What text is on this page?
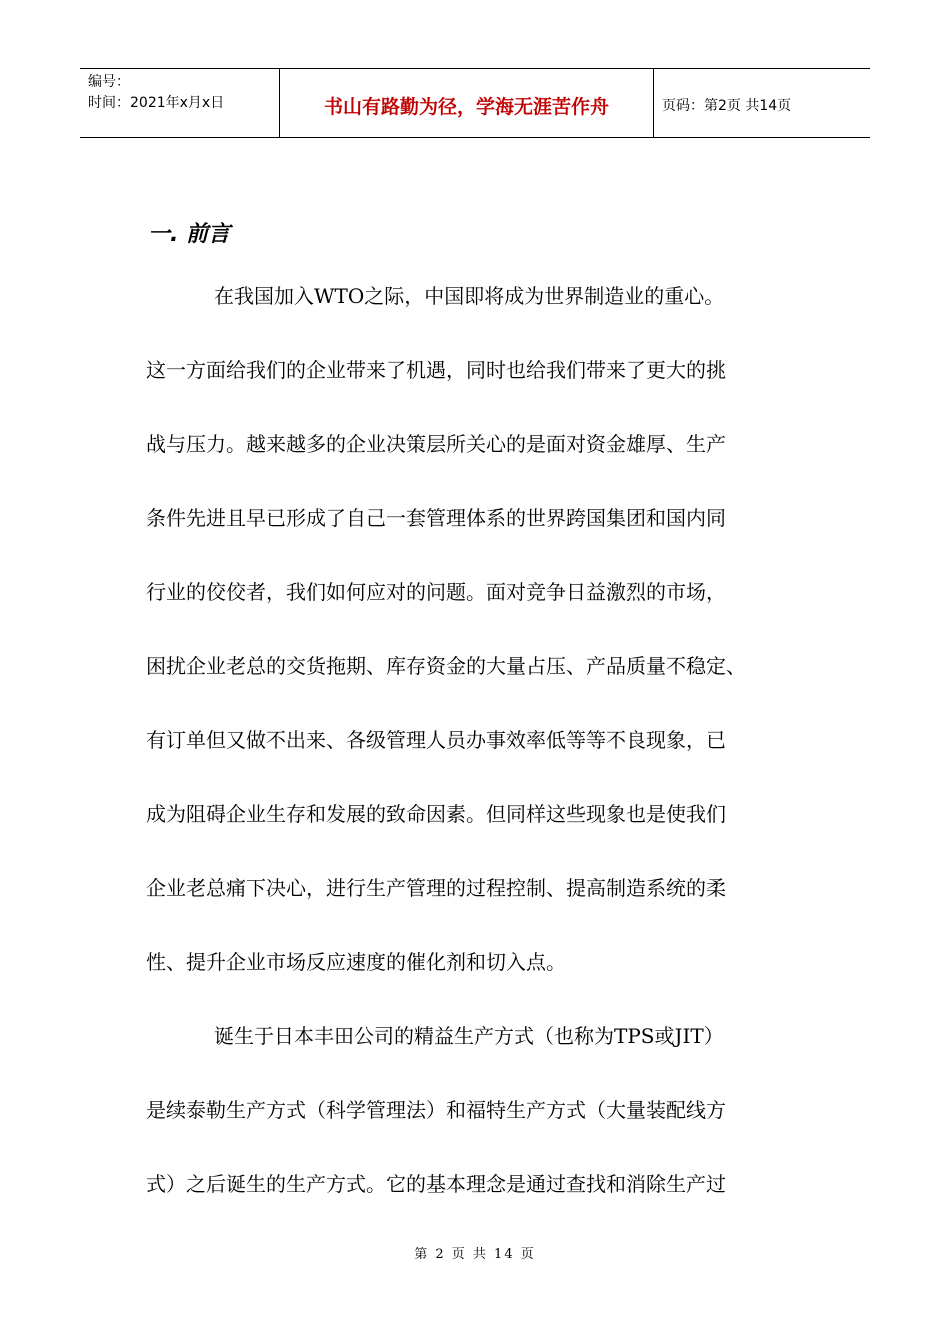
编号：
时间：2021年x月x日	书山有路勤为径，学海无涯苦作舟	页码：第2页 共14页
一. 前言
在我国加入WTO之际，中国即将成为世界制造业的重心。
这一方面给我们的企业带来了机遇，同时也给我们带来了更大的挑
战与压力。越来越多的企业决策层所关心的是面对资金雄厚、生产
条件先进且早已形成了自己一套管理体系的世界跨国集团和国内同
行业的佼佼者，我们如何应对的问题。面对竞争日益激烈的市场，
困扰企业老总的交货拖期、库存资金的大量占压、产品质量不稳定、
有订单但又做不出来、各级管理人员办事效率低等等不良现象，已
成为阻碍企业生存和发展的致命因素。但同样这些现象也是使我们
企业老总痛下决心，进行生产管理的过程控制、提高制造系统的柔
性、提升企业市场反应速度的催化剂和切入点。
诞生于日本丰田公司的精益生产方式（也称为TPS或JIT）
是续泰勒生产方式（科学管理法）和福特生产方式（大量装配线方
式）之后诞生的生产方式。它的基本理念是通过查找和消除生产过
第 2 页 共 14 页
